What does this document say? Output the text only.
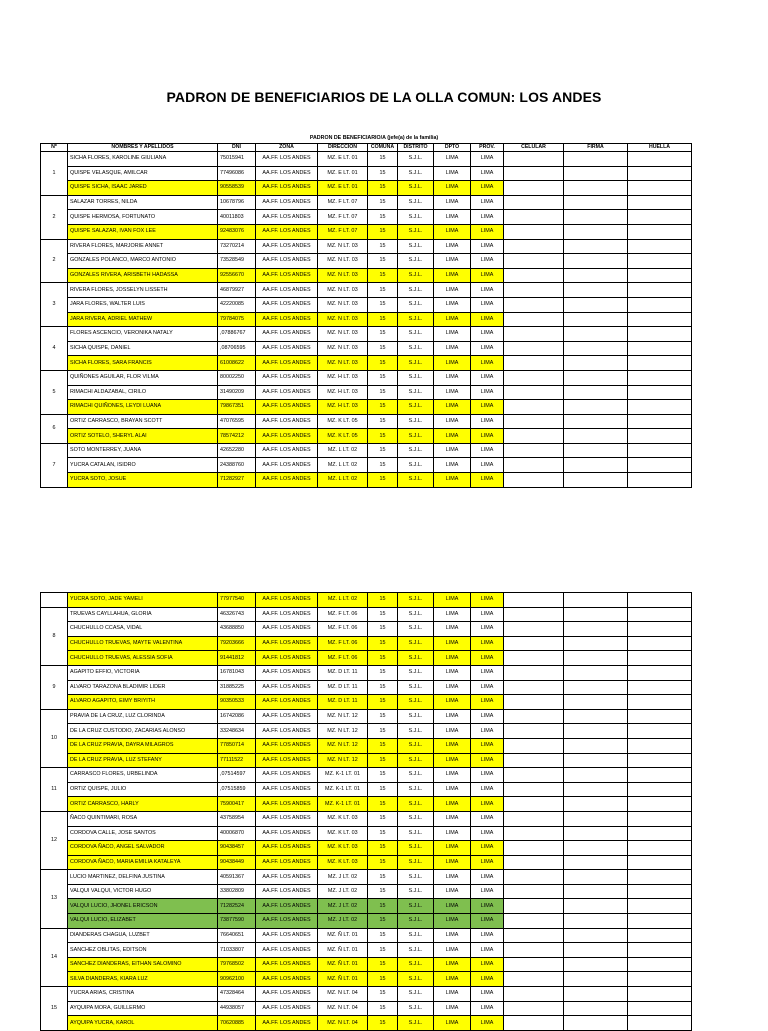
PADRON DE BENEFICIARIOS DE LA OLLA COMUN: LOS ANDES
PADRON DE BENEFICIARIO/A (jefe(a) de la familia)
Nº	NOMBRES Y APELLIDOS	DNI	ZONA	DIRECCION	COMUNA	DISTRITO	DPTO	PROV.	CELULAR	FIRMA	HUELLA
1	SICHA FLORES, KAROLINE GIULIANA	75015941	AA.FF. LOS ANDES	MZ. E LT. 01	15	S.J.L.	LIMA	LIMA			
	QUISPE VELASQUE, AMILCAR	77496086	AA.FF. LOS ANDES	MZ. E LT. 01	15	S.J.L.	LIMA	LIMA			
	QUISPE SICHA, ISAAC JARED	90558539	AA.FF. LOS ANDES	MZ. E LT. 01	15	S.J.L.	LIMA	LIMA			
2	SALAZAR TORRES, NILDA	10678796	AA.FF. LOS ANDES	MZ. F LT. 07	15	S.J.L.	LIMA	LIMA			
	QUISPE HERMOSA, FORTUNATO	40011803	AA.FF. LOS ANDES	MZ. F LT. 07	15	S.J.L.	LIMA	LIMA			
	QUISPE SALAZAR, IVAN FOX LEE	92483076	AA.FF. LOS ANDES	MZ. F LT. 07	15	S.J.L.	LIMA	LIMA			
2	RIVERA FLORES, MARJORIE ANNET	73270214	AA.FF. LOS ANDES	MZ. N LT. 03	15	S.J.L.	LIMA	LIMA			
	GONZALES POLANCO, MARCO ANTONIO	73528549	AA.FF. LOS ANDES	MZ. N LT. 03	15	S.J.L.	LIMA	LIMA			
	GONZALES RIVERA, ARISBETH HADASSA	92556670	AA.FF. LOS ANDES	MZ. N LT. 03	15	S.J.L.	LIMA	LIMA			
3	RIVERA FLORES, JOSSELYN LISSETH	46879927	AA.FF. LOS ANDES	MZ. N LT. 03	15	S.J.L.	LIMA	LIMA			
	JARA FLORES, WALTER LUIS	42220085	AA.FF. LOS ANDES	MZ. N LT. 03	15	S.J.L.	LIMA	LIMA			
	JARA RIVERA, ADRIEL MATHEW	79784075	AA.FF. LOS ANDES	MZ. N LT. 03	15	S.J.L.	LIMA	LIMA			
4	FLORES ASCENCIO, VERONIKA NATALY	,07886767	AA.FF. LOS ANDES	MZ. N LT. 03	15	S.J.L.	LIMA	LIMA			
	SICHA QUISPE, DANIEL	,08706595	AA.FF. LOS ANDES	MZ. N LT. 03	15	S.J.L.	LIMA	LIMA			
	SICHA FLORES, SARA FRANCIS	61008622	AA.FF. LOS ANDES	MZ. N LT. 03	15	S.J.L.	LIMA	LIMA			
5	QUIÑONES AGUILAR, FLOR VILMA	80002250	AA.FF. LOS ANDES	MZ. H LT. 03	15	S.J.L.	LIMA	LIMA			
	RIMACHI ALDAZABAL, CIRILO	31490209	AA.FF. LOS ANDES	MZ. H LT. 03	15	S.J.L.	LIMA	LIMA			
	RIMACHI QUIÑONES, LEYDI LUANA	79867351	AA.FF. LOS ANDES	MZ. H LT. 03	15	S.J.L.	LIMA	LIMA			
6	ORTIZ CARRASCO, BRAYAN SCOTT	47076595	AA.FF. LOS ANDES	MZ. K LT. 05	15	S.J.L.	LIMA	LIMA			
	ORTIZ SOTELO, SHERYL ALAI	78574212	AA.FF. LOS ANDES	MZ. K LT. 05	15	S.J.L.	LIMA	LIMA			
7	SOTO MONTERREY, JUANA	42652280	AA.FF. LOS ANDES	MZ. L LT. 02	15	S.J.L.	LIMA	LIMA			
	YUCRA CATALAN, ISIDRO	24388760	AA.FF. LOS ANDES	MZ. L LT. 02	15	S.J.L.	LIMA	LIMA			
	YUCRA SOTO, JOSUE	71282927	AA.FF. LOS ANDES	MZ. L LT. 02	15	S.J.L.	LIMA	LIMA			
	YUCRA SOTO, JADE YAMELI	77977540	AA.FF. LOS ANDES	MZ. L LT. 02	15	S.J.L.	LIMA	LIMA			
8	TRUEVAS CAYLLAHUA, GLORIA	46326743	AA.FF. LOS ANDES	MZ. F LT. 06	15	S.J.L.	LIMA	LIMA			
	CHUCHULLO CCASA, VIDAL	43688850	AA.FF. LOS ANDES	MZ. F LT. 06	15	S.J.L.	LIMA	LIMA			
	CHUCHULLO TRUEVAS, MAYTE VALENTINA	79203666	AA.FF. LOS ANDES	MZ. F LT. 06	15	S.J.L.	LIMA	LIMA			
	CHUCHULLO TRUEVAS, ALESSIA SOFIA	91441812	AA.FF. LOS ANDES	MZ. F LT. 06	15	S.J.L.	LIMA	LIMA			
9	AGAPITO EFFIO, VICTORIA	16781043	AA.FF. LOS ANDES	MZ. D LT. 11	15	S.J.L.	LIMA	LIMA			
	ALVARO TARAZONA BLADIMIR LIDER	31885225	AA.FF. LOS ANDES	MZ. D LT. 11	15	S.J.L.	LIMA	LIMA			
	ALVARO AGAPITO, EIMY BRIYITH	90350533	AA.FF. LOS ANDES	MZ. D LT. 11	15	S.J.L.	LIMA	LIMA			
10	PRAVIA DE LA CRUZ, LUZ CLORINDA	16742086	AA.FF. LOS ANDES	MZ. N LT. 12	15	S.J.L.	LIMA	LIMA			
	DE LA CRUZ CUSTODIO, ZACARIAS ALONSO	33248634	AA.FF. LOS ANDES	MZ. N LT. 12	15	S.J.L.	LIMA	LIMA			
	DE LA CRUZ PRAVIA, DAYRA MILAGROS	77850714	AA.FF. LOS ANDES	MZ. N LT. 12	15	S.J.L.	LIMA	LIMA			
	DE LA CRUZ PRAVIA, LUZ STEFANY	77111522	AA.FF. LOS ANDES	MZ. N LT. 12	15	S.J.L.	LIMA	LIMA			
11	CARRASCO FLORES, URBELINDA	,07514597	AA.FF. LOS ANDES	MZ. K-1 LT. 01	15	S.J.L.	LIMA	LIMA			
	ORTIZ QUISPE, JULIO	,07515859	AA.FF. LOS ANDES	MZ. K-1 LT. 01	15	S.J.L.	LIMA	LIMA			
	ORTIZ CARRASCO, HARLY	75900417	AA.FF. LOS ANDES	MZ. K-1 LT. 01	15	S.J.L.	LIMA	LIMA			
12	ÑACO QUINTIMARI, ROSA	43758954	AA.FF. LOS ANDES	MZ. K LT. 03	15	S.J.L.	LIMA	LIMA			
	CORDOVA CALLE, JOSE SANTOS	40006870	AA.FF. LOS ANDES	MZ. K LT. 03	15	S.J.L.	LIMA	LIMA			
	CORDOVA ÑACO, ANGEL SALVADOR	90438457	AA.FF. LOS ANDES	MZ. K LT. 03	15	S.J.L.	LIMA	LIMA			
	CORDOVA ÑACO, MARIA EMILIA KATALEYA	90438449	AA.FF. LOS ANDES	MZ. K LT. 03	15	S.J.L.	LIMA	LIMA			
13	LUCIO MARTINEZ, DELFINA JUSTINA	40591367	AA.FF. LOS ANDES	MZ. J LT. 02	15	S.J.L.	LIMA	LIMA			
	VALQUI VALQUI, VICTOR HUGO	33802809	AA.FF. LOS ANDES	MZ. J LT. 02	15	S.J.L.	LIMA	LIMA			
	VALQUI LUCIO, JHONEL ERICSON	71282524	AA.FF. LOS ANDES	MZ. J LT. 02	15	S.J.L.	LIMA	LIMA			
	VALQUI LUCIO, ELIZABET	73877590	AA.FF. LOS ANDES	MZ. J LT. 02	15	S.J.L.	LIMA	LIMA			
14	DIANDERAS CHAGUA, LUZBET	76640651	AA.FF. LOS ANDES	MZ. Ñ LT. 01	15	S.J.L.	LIMA	LIMA			
	SANCHEZ OBLITAS, EDITSON	71033807	AA.FF. LOS ANDES	MZ. Ñ LT. 01	15	S.J.L.	LIMA	LIMA			
	SANCHEZ DIANDERAS, EITHAN SALOMINO	79768502	AA.FF. LOS ANDES	MZ. Ñ LT. 01	15	S.J.L.	LIMA	LIMA			
	SILVA DIANDERAS, KIARA LUZ	90962100	AA.FF. LOS ANDES	MZ. Ñ LT. 01	15	S.J.L.	LIMA	LIMA			
15	YUCRA ARIAS, CRISTINA	47328464	AA.FF. LOS ANDES	MZ. N LT. 04	15	S.J.L.	LIMA	LIMA			
	AYQUIPA MORA, GUILLERMO	44938057	AA.FF. LOS ANDES	MZ. N LT. 04	15	S.J.L.	LIMA	LIMA			
	AYQUIPA YUCRA, KAROL	70620885	AA.FF. LOS ANDES	MZ. N LT. 04	15	S.J.L.	LIMA	LIMA			
